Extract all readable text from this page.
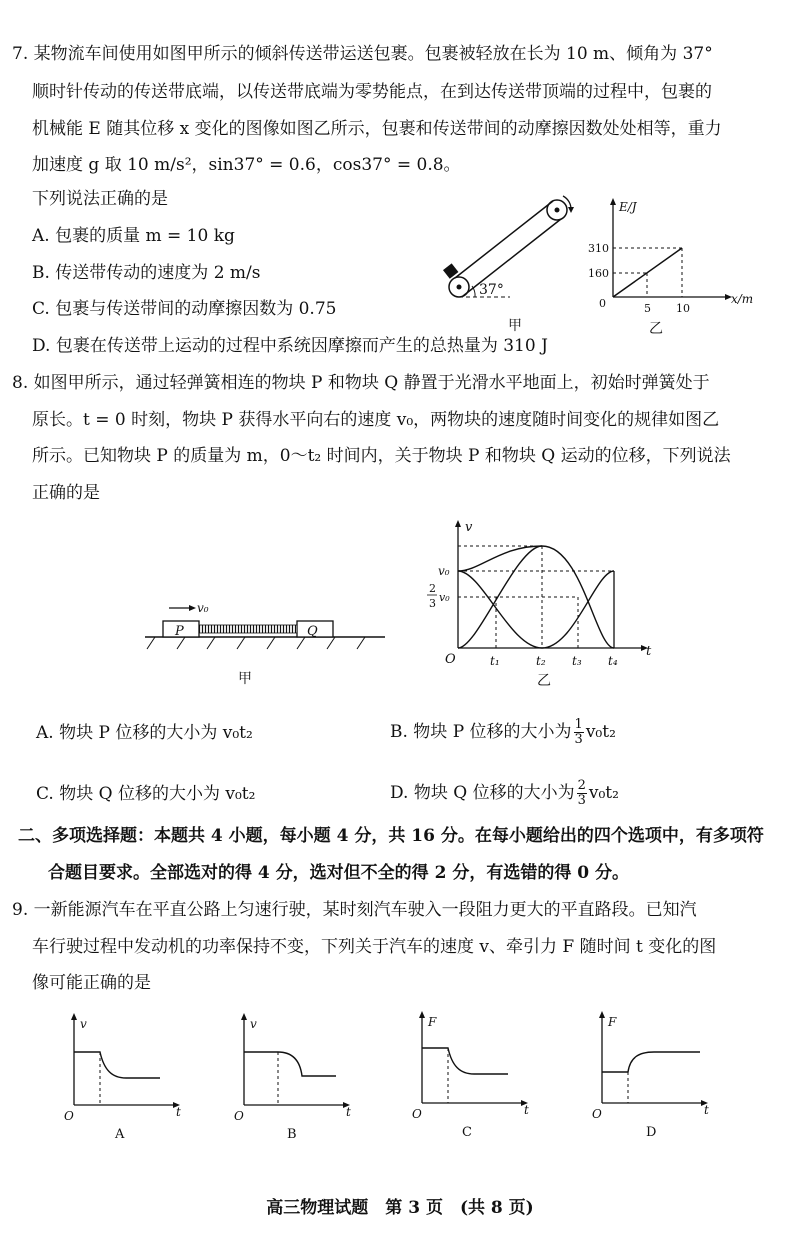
7. 某物流车间使用如图甲所示的倾斜传送带运送包裹。包裹被轻放在长为 10 m、倾角为 37°
顺时针传动的传送带底端，以传送带底端为零势能点，在到达传送带顶端的过程中，包裹的
机械能 E 随其位移 x 变化的图像如图乙所示，包裹和传送带间的动摩擦因数处处相等，重力
加速度 g 取 10 m/s²，sin37° = 0.6，cos37° = 0.8。
下列说法正确的是
A. 包裹的质量 m = 10 kg
B. 传送带传动的速度为 2 m/s
C. 包裹与传送带间的动摩擦因数为 0.75
D. 包裹在传送带上运动的过程中系统因摩擦而产生的总热量为 310 J
37°
甲
E/J
x/m
0
310
160
5 10
乙
8. 如图甲所示，通过轻弹簧相连的物块 P 和物块 Q 静置于光滑水平地面上，初始时弹簧处于
原长。t = 0 时刻，物块 P 获得水平向右的速度 v₀，两物块的速度随时间变化的规律如图乙
所示。已知物块 P 的质量为 m，0～t₂ 时间内，关于物块 P 和物块 Q 运动的位移，下列说法
正确的是
P	Q
v₀
甲
v
t
O
v₀
2
3 v₀
t₁	t₂ t₃ t₄
乙
A. 物块 P 位移的大小为 v₀t₂	B. 物块 P 位移的大小为 $\frac{1}{3} v_0t_2$
C. 物块 Q 位移的大小为 v₀t₂	D. 物块 Q 位移的大小为 $\frac{2}{3} v_0t_2$
二、多项选择题：本题共 4 小题，每小题 4 分，共 16 分。在每小题给出的四个选项中，有多项符
合题目要求。全部选对的得 4 分，选对但不全的得 2 分，有选错的得 0 分。
9. 一新能源汽车在平直公路上匀速行驶，某时刻汽车驶入一段阻力更大的平直路段。已知汽
车行驶过程中发动机的功率保持不变，下列关于汽车的速度 v、牵引力 F 随时间 t 变化的图
像可能正确的是
v
t
O
A
v
t
O
B
F
t
O
C
F
t
O
D
高三物理试题　第 3 页　(共 8 页)
